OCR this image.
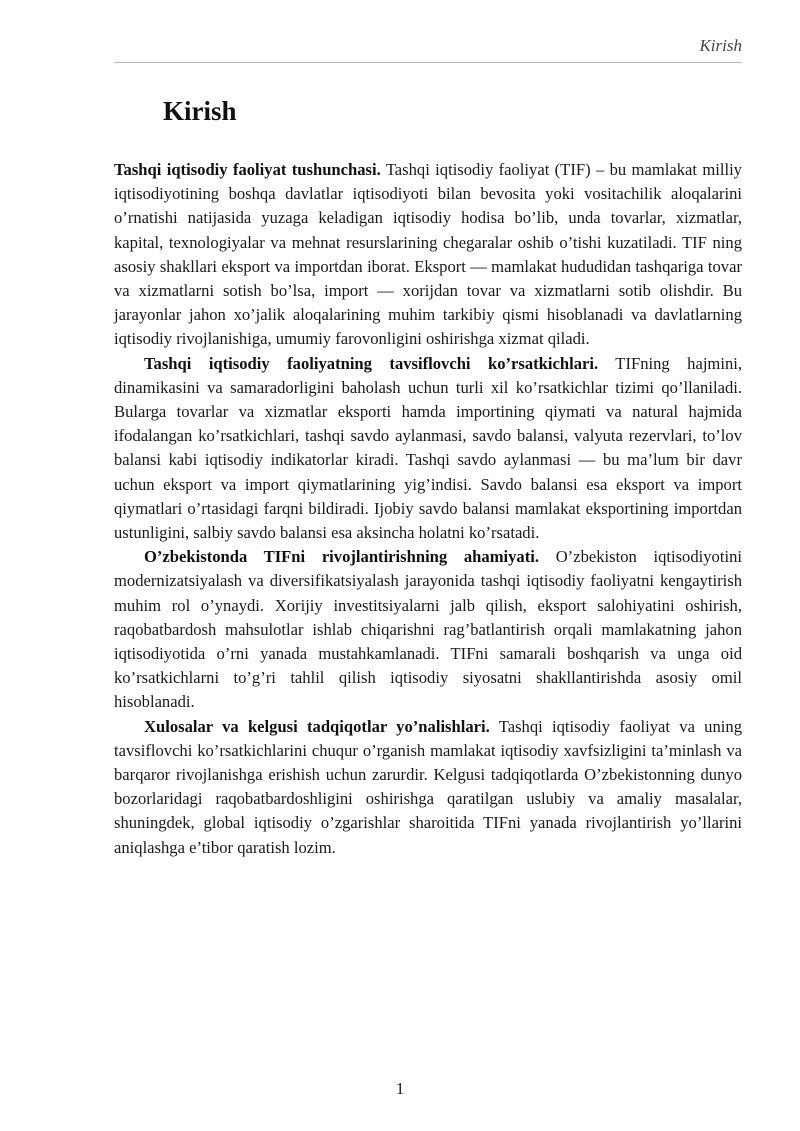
Kirish
Kirish

Tashqi iqtisodiy faoliyat tushunchasi. Tashqi iqtisodiy faoliyat (TIF) – bu mamlakat milliy iqtisodiyotining boshqa davlatlar iqtisodiyoti bilan bevosita yoki vositachilik aloqalarini o’rnatishi natijasida yuzaga keladigan iqtisodiy hodisa bo’lib, unda tovarlar, xizmatlar, kapital, texnologiyalar va mehnat resurslarining chegaralar oshib o’tishi kuzatiladi. TIF ning asosiy shakllari eksport va importdan iborat. Eksport — mamlakat hududidan tashqariga tovar va xizmatlarni sotish bo’lsa, import — xorijdan tovar va xizmatlarni sotib olishdir. Bu jarayonlar jahon xo’jalik aloqalarining muhim tarkibiy qismi hisoblanadi va davlatlarning iqtisodiy rivojlanishiga, umumiy farovonligini oshirishga xizmat qiladi.

Tashqi iqtisodiy faoliyatning tavsiflovchi ko’rsatkichlari. TIFning hajmini, dinamikasini va samaradorligini baholash uchun turli xil ko’rsatkichlar tizimi qo’llaniladi. Bularga tovarlar va xizmatlar eksporti hamda importining qiymati va natural hajmida ifodalangan ko’rsatkichlari, tashqi savdo aylanmasi, savdo balansi, valyuta rezervlari, to’lov balansi kabi iqtisodiy indikatorlar kiradi. Tashqi savdo aylanmasi — bu ma’lum bir davr uchun eksport va import qiymatlarining yig’indisi. Savdo balansi esa eksport va import qiymatlari o’rtasidagi farqni bildiradi. Ijobiy savdo balansi mamlakat eksportining importdan ustunligini, salbiy savdo balansi esa aksincha holatni ko’rsatadi.

O’zbekistonda TIFni rivojlantirishning ahamiyati. O’zbekiston iqtisodiyotini modernizatsiyalash va diversifikatsiyalash jarayonida tashqi iqtisodiy faoliyatni kengaytirish muhim rol o’ynaydi. Xorijiy investitsiyalarni jalb qilish, eksport salohiyatini oshirish, raqobatbardosh mahsulotlar ishlab chiqarishni rag’batlantirish orqali mamlakatning jahon iqtisodiyotida o’rni yanada mustahkamlanadi. TIFni samarali boshqarish va unga oid ko’rsatkichlarni to’g’ri tahlil qilish iqtisodiy siyosatni shakllantirishda asosiy omil hisoblanadi.

Xulosalar va kelgusi tadqiqotlar yo’nalishlari. Tashqi iqtisodiy faoliyat va uning tavsiflovchi ko’rsatkichlarini chuqur o’rganish mamlakat iqtisodiy xavfsizligini ta’minlash va barqaror rivojlanishga erishish uchun zarurdir. Kelgusi tadqiqotlarda O’zbekistonning dunyo bozorlaridagi raqobatbardoshligini oshirishga qaratilgan uslubiy va amaliy masalalar, shuningdek, global iqtisodiy o’zgarishlar sharoitida TIFni yanada rivojlantirish yo’llarini aniqlashga e’tibor qaratish lozim.

1
